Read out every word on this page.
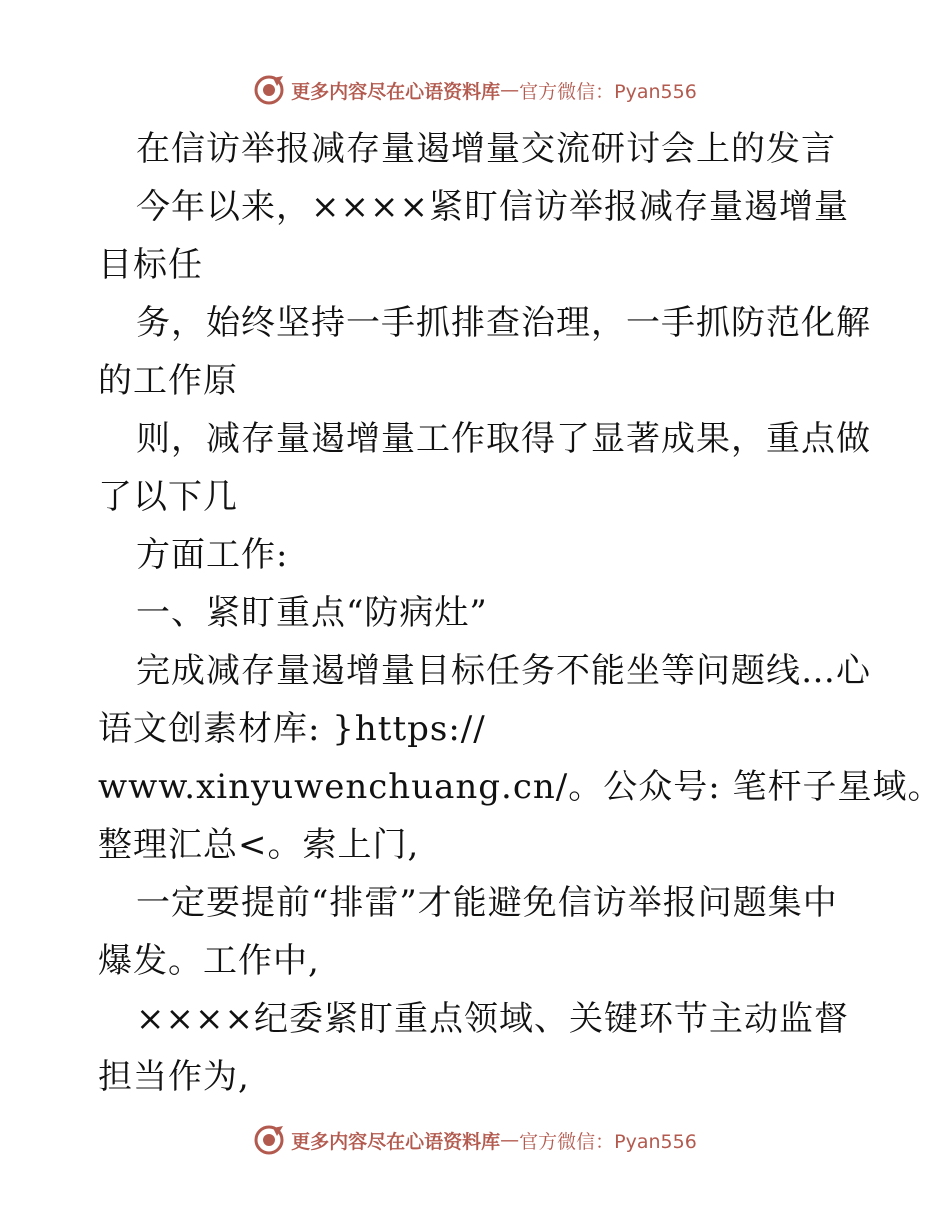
更多内容尽在心语资料库 — 官方微信：Pyan556
在信访举报减存量遏增量交流研讨会上的发言
今年以来，××××紧盯信访举报减存量遏增量
目标任
务，始终坚持一手抓排查治理，一手抓防范化解
的工作原
则，减存量遏增量工作取得了显著成果，重点做
了以下几
方面工作:
一、紧盯重点“防病灶”
完成减存量遏增量目标任务不能坐等问题线…心
语文创素材库: }https://
www.xinyuwenchuang.cn/。公众号: 笔杆子星域。
整理汇总<。索上门,
一定要提前“排雷”才能避免信访举报问题集中
爆发。工作中,
××××纪委紧盯重点领域、关键环节主动监督
担当作为,
更多内容尽在心语资料库 — 官方微信：Pyan556
